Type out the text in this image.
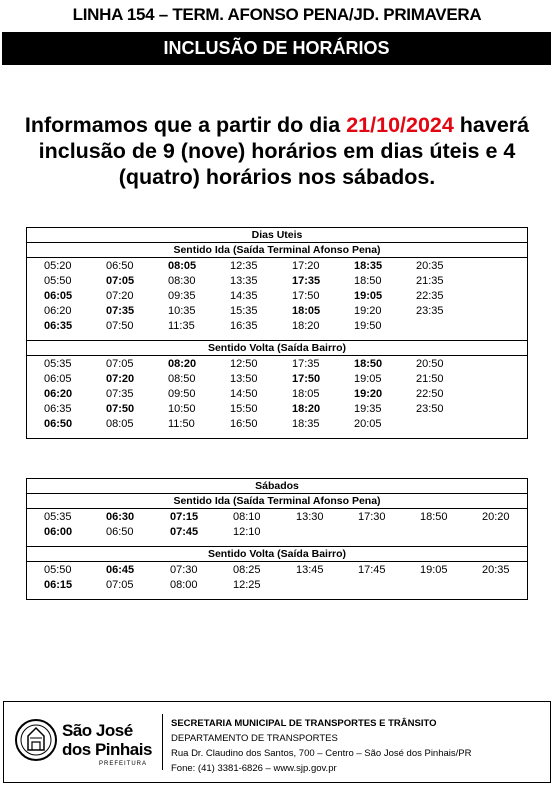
LINHA 154 – TERM. AFONSO PENA/JD. PRIMAVERA
INCLUSÃO DE HORÁRIOS
Informamos que a partir do dia 21/10/2024 haverá inclusão de 9 (nove) horários em dias úteis e 4 (quatro) horários nos sábados.
Dias Uteis
Sentido Ida (Saída Terminal Afonso Pena)
05:20	06:50	08:05	12:35	17:20	18:35	20:35
05:50	07:05	08:30	13:35	17:35	18:50	21:35
06:05	07:20	09:35	14:35	17:50	19:05	22:35
06:20	07:35	10:35	15:35	18:05	19:20	23:35
06:35	07:50	11:35	16:35	18:20	19:50
Sentido Volta (Saída Bairro)
05:35	07:05	08:20	12:50	17:35	18:50	20:50
06:05	07:20	08:50	13:50	17:50	19:05	21:50
06:20	07:35	09:50	14:50	18:05	19:20	22:50
06:35	07:50	10:50	15:50	18:20	19:35	23:50
06:50	08:05	11:50	16:50	18:35	20:05
Sábados
Sentido Ida (Saída Terminal Afonso Pena)
05:35	06:30	07:15	08:10	13:30	17:30	18:50	20:20
06:00	06:50	07:45	12:10
Sentido Volta (Saída Bairro)
05:50	06:45	07:30	08:25	13:45	17:45	19:05	20:35
06:15	07:05	08:00	12:25
São José
dos Pinhais
PREFEITURA
SECRETARIA MUNICIPAL DE TRANSPORTES E TRÂNSITO
DEPARTAMENTO DE TRANSPORTES
Rua Dr. Claudino dos Santos, 700 – Centro – São José dos Pinhais/PR
Fone: (41) 3381-6826 – www.sjp.gov.pr
